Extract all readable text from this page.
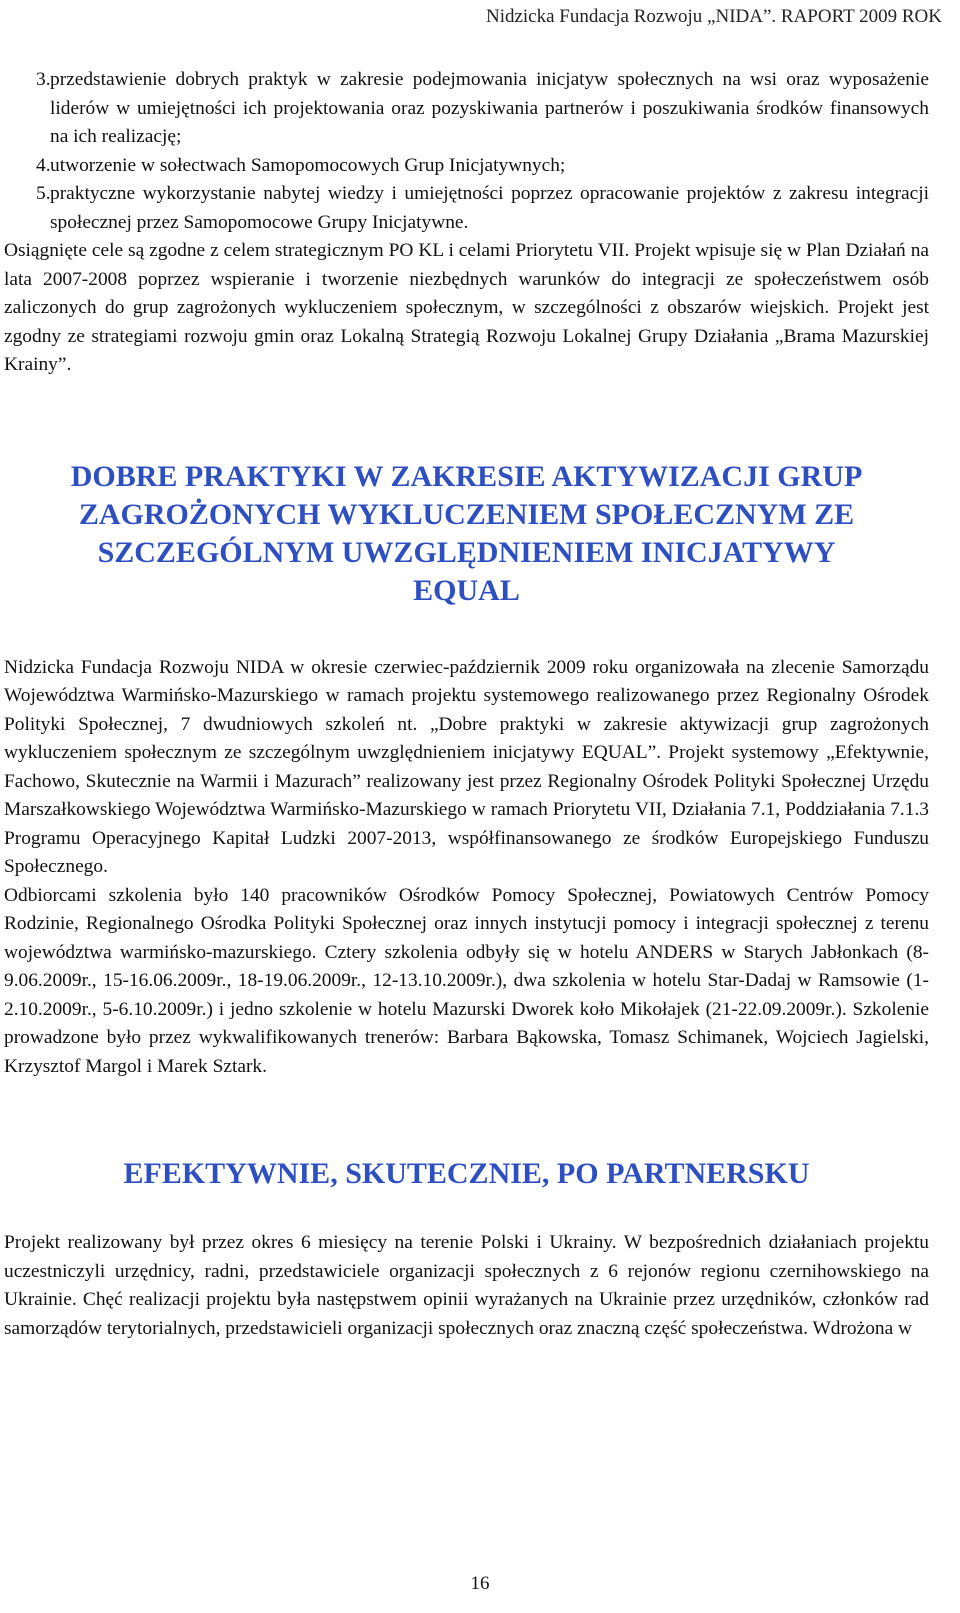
Nidzicka Fundacja Rozwoju „NIDA”. RAPORT 2009 ROK
3. przedstawienie dobrych praktyk w zakresie podejmowania inicjatyw społecznych na wsi oraz wyposażenie liderów w umiejętności ich projektowania oraz pozyskiwania partnerów i poszukiwania środków finansowych na ich realizację;
4. utworzenie w sołectwach Samopomocowych Grup Inicjatywnych;
5. praktyczne wykorzystanie nabytej wiedzy i umiejętności poprzez opracowanie projektów z zakresu integracji społecznej przez Samopomocowe Grupy Inicjatywne.

Osiągnięte cele są zgodne z celem strategicznym PO KL i celami Priorytetu VII. Projekt wpisuje się w Plan Działań na lata 2007-2008 poprzez wspieranie i tworzenie niezbędnych warunków do integracji ze społeczeństwem osób zaliczonych do grup zagrożonych wykluczeniem społecznym, w szczególności z obszarów wiejskich. Projekt jest zgodny ze strategiami rozwoju gmin oraz Lokalną Strategią Rozwoju Lokalnej Grupy Działania „Brama Mazurskiej Krainy”.

DOBRE PRAKTYKI W ZAKRESIE AKTYWIZACJI GRUP ZAGROŻONYCH WYKLUCZENIEM SPOŁECZNYM ZE SZCZEGÓLNYM UWZGLĘDNIENIEM INICJATYWY EQUAL

Nidzicka Fundacja Rozwoju NIDA w okresie czerwiec-październik 2009 roku organizowała na zlecenie Samorządu Województwa Warmińsko-Mazurskiego w ramach projektu systemowego realizowanego przez Regionalny Ośrodek Polityki Społecznej, 7 dwudniowych szkoleń nt. „Dobre praktyki w zakresie aktywizacji grup zagrożonych wykluczeniem społecznym ze szczególnym uwzględnieniem inicjatywy EQUAL”. Projekt systemowy „Efektywnie, Fachowo, Skutecznie na Warmii i Mazurach” realizowany jest przez Regionalny Ośrodek Polityki Społecznej Urzędu Marszałkowskiego Województwa Warmińsko-Mazurskiego w ramach Priorytetu VII, Działania 7.1, Poddziałania 7.1.3 Programu Operacyjnego Kapitał Ludzki 2007-2013, współfinansowanego ze środków Europejskiego Funduszu Społecznego.

Odbiorcami szkolenia było 140 pracowników Ośrodków Pomocy Społecznej, Powiatowych Centrów Pomocy Rodzinie, Regionalnego Ośrodka Polityki Społecznej oraz innych instytucji pomocy i integracji społecznej z terenu województwa warmińsko-mazurskiego. Cztery szkolenia odbyły się w hotelu ANDERS w Starych Jabłonkach (8-9.06.2009r., 15-16.06.2009r., 18-19.06.2009r., 12-13.10.2009r.), dwa szkolenia w hotelu Star-Dadaj w Ramsowie (1-2.10.2009r., 5-6.10.2009r.) i jedno szkolenie w hotelu Mazurski Dworek koło Mikołajek (21-22.09.2009r.). Szkolenie prowadzone było przez wykwalifikowanych trenerów: Barbara Bąkowska, Tomasz Schimanek, Wojciech Jagielski, Krzysztof Margol i Marek Sztark.

EFEKTYWNIE, SKUTECZNIE, PO PARTNERSKU

Projekt realizowany był przez okres 6 miesięcy na terenie Polski i Ukrainy. W bezpośrednich działaniach projektu uczestniczyli urzędnicy, radni, przedstawiciele organizacji społecznych z 6 rejonów regionu czernihowskiego na Ukrainie. Chęć realizacji projektu była następstwem opinii wyrażanych na Ukrainie przez urzędników, członków rad samorządów terytorialnych, przedstawicieli organizacji społecznych oraz znaczną część społeczeństwa. Wdrożona w

16
